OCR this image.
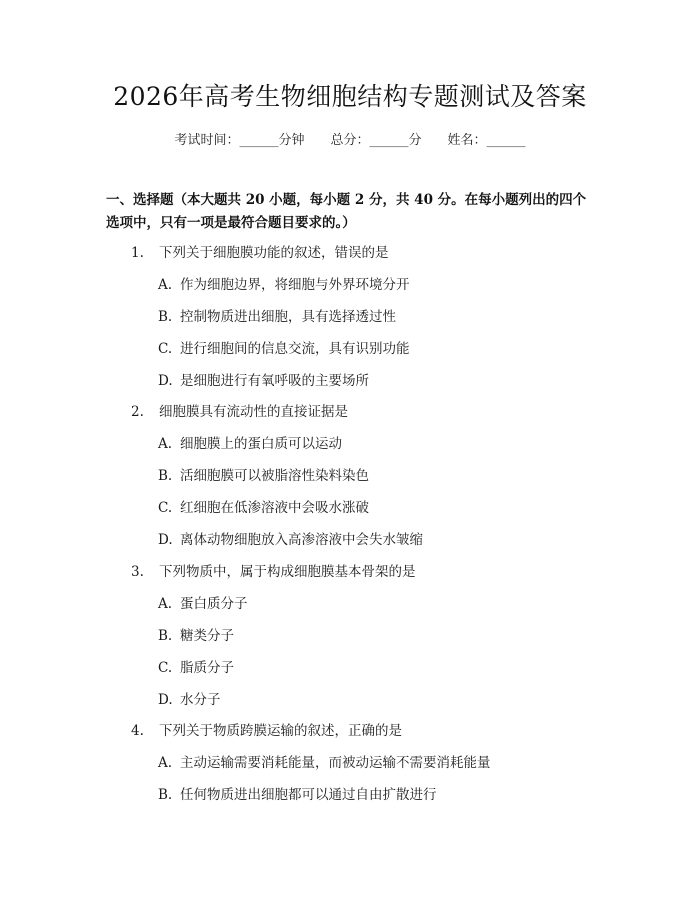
2026年高考生物细胞结构专题测试及答案
考试时间：______分钟 总分：______分 姓名：______
一、选择题（本大题共 20 小题，每小题 2 分，共 40 分。在每小题列出的四个选项中，只有一项是最符合题目要求的。）
1. 下列关于细胞膜功能的叙述，错误的是
A. 作为细胞边界，将细胞与外界环境分开
B. 控制物质进出细胞，具有选择透过性
C. 进行细胞间的信息交流，具有识别功能
D. 是细胞进行有氧呼吸的主要场所
2. 细胞膜具有流动性的直接证据是
A. 细胞膜上的蛋白质可以运动
B. 活细胞膜可以被脂溶性染料染色
C. 红细胞在低渗溶液中会吸水涨破
D. 离体动物细胞放入高渗溶液中会失水皱缩
3. 下列物质中，属于构成细胞膜基本骨架的是
A. 蛋白质分子
B. 糖类分子
C. 脂质分子
D. 水分子
4. 下列关于物质跨膜运输的叙述，正确的是
A. 主动运输需要消耗能量，而被动运输不需要消耗能量
B. 任何物质进出细胞都可以通过自由扩散进行
